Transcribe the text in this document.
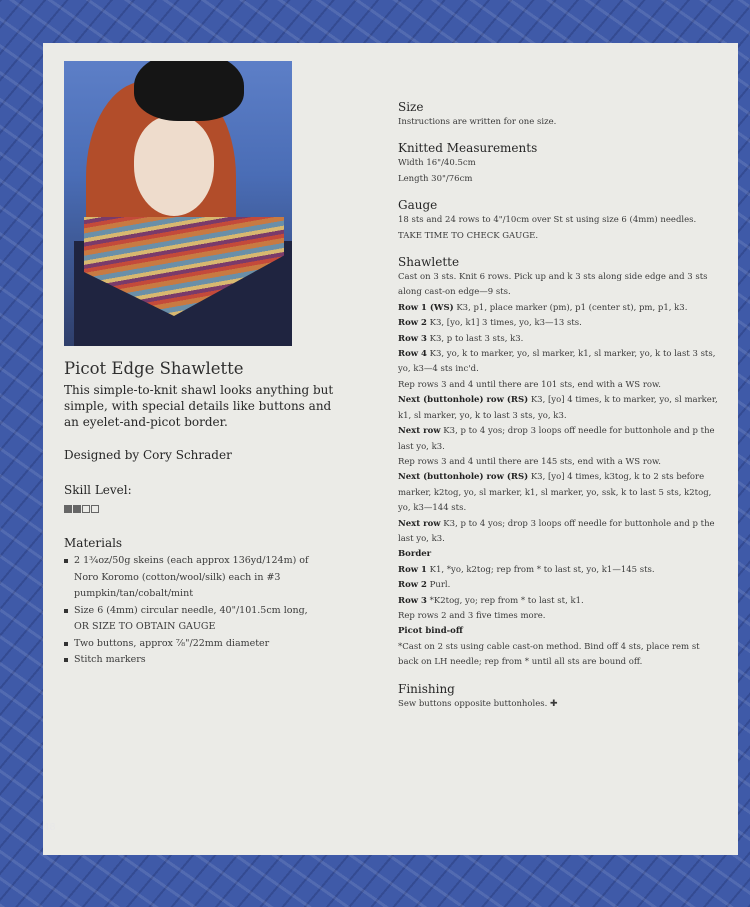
Picot Edge Shawlette

This simple-to-knit shawl looks anything but simple, with special details like buttons and an eyelet-and-picot border.

Designed by Cory Schrader

Skill Level:
Materials
2 1¾oz/50g skeins (each approx 136yd/124m) of Noro Koromo (cotton/wool/silk) each in #3 pumpkin/tan/cobalt/mint
Size 6 (4mm) circular needle, 40"/101.5cm long, OR SIZE TO OBTAIN GAUGE
Two buttons, approx ⅞"/22mm diameter
Stitch markers
Size

Instructions are written for one size.

Knitted Measurements

Width 16"/40.5cm

Length 30"/76cm

Gauge

18 sts and 24 rows to 4"/10cm over St st using size 6 (4mm) needles.

TAKE TIME TO CHECK GAUGE.

Shawlette

Cast on 3 sts. Knit 6 rows. Pick up and k 3 sts along side edge and 3 sts along cast-on edge—9 sts.

Row 1 (WS) K3, p1, place marker (pm), p1 (center st), pm, p1, k3.

Row 2 K3, [yo, k1] 3 times, yo, k3—13 sts.

Row 3 K3, p to last 3 sts, k3.

Row 4 K3, yo, k to marker, yo, sl marker, k1, sl marker, yo, k to last 3 sts, yo, k3—4 sts inc'd.

Rep rows 3 and 4 until there are 101 sts, end with a WS row.

Next (buttonhole) row (RS) K3, [yo] 4 times, k to marker, yo, sl marker, k1, sl marker, yo, k to last 3 sts, yo, k3.

Next row K3, p to 4 yos; drop 3 loops off needle for buttonhole and p the last yo, k3.

Rep rows 3 and 4 until there are 145 sts, end with a WS row.

Next (buttonhole) row (RS) K3, [yo] 4 times, k3tog, k to 2 sts before marker, k2tog, yo, sl marker, k1, sl marker, yo, ssk, k to last 5 sts, k2tog, yo, k3—144 sts.

Next row K3, p to 4 yos; drop 3 loops off needle for buttonhole and p the last yo, k3.

Border

Row 1 K1, *yo, k2tog; rep from * to last st, yo, k1—145 sts.

Row 2 Purl.

Row 3 *K2tog, yo; rep from * to last st, k1.

Rep rows 2 and 3 five times more.

Picot bind-off

*Cast on 2 sts using cable cast-on method. Bind off 4 sts, place rem st back on LH needle; rep from * until all sts are bound off.

Finishing

Sew buttons opposite buttonholes. ✚

48
